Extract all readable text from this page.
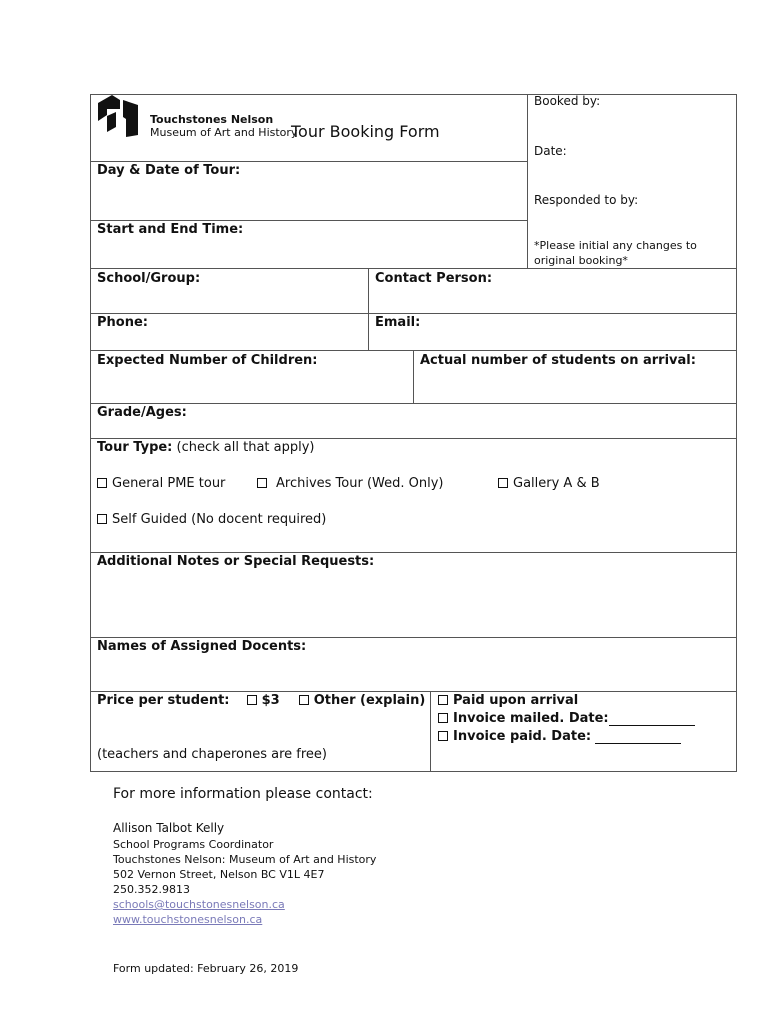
Touchstones Nelson
Museum of Art and History
Tour Booking Form
Booked by:
Date:
Responded to by:
*Please initial any changes to original booking*
Day & Date of Tour:
Start and End Time:
School/Group:	Contact Person:
Phone:	Email:
Expected Number of Children:	Actual number of students on arrival:
Grade/Ages:
Tour Type: (check all that apply)
General PME tour	Archives Tour (Wed. Only)	Gallery A & B
Self Guided (No docent required)
Additional Notes or Special Requests:
Names of Assigned Docents:
Price per student: $3	Other (explain)
(teachers and chaperones are free)
Paid upon arrival
Invoice mailed. Date:
Invoice paid. Date:
For more information please contact:
Allison Talbot Kelly
School Programs Coordinator
Touchstones Nelson: Museum of Art and History
502 Vernon Street, Nelson BC V1L 4E7
250.352.9813
schools@touchstonesnelson.ca
www.touchstonesnelson.ca
Form updated: February 26, 2019
